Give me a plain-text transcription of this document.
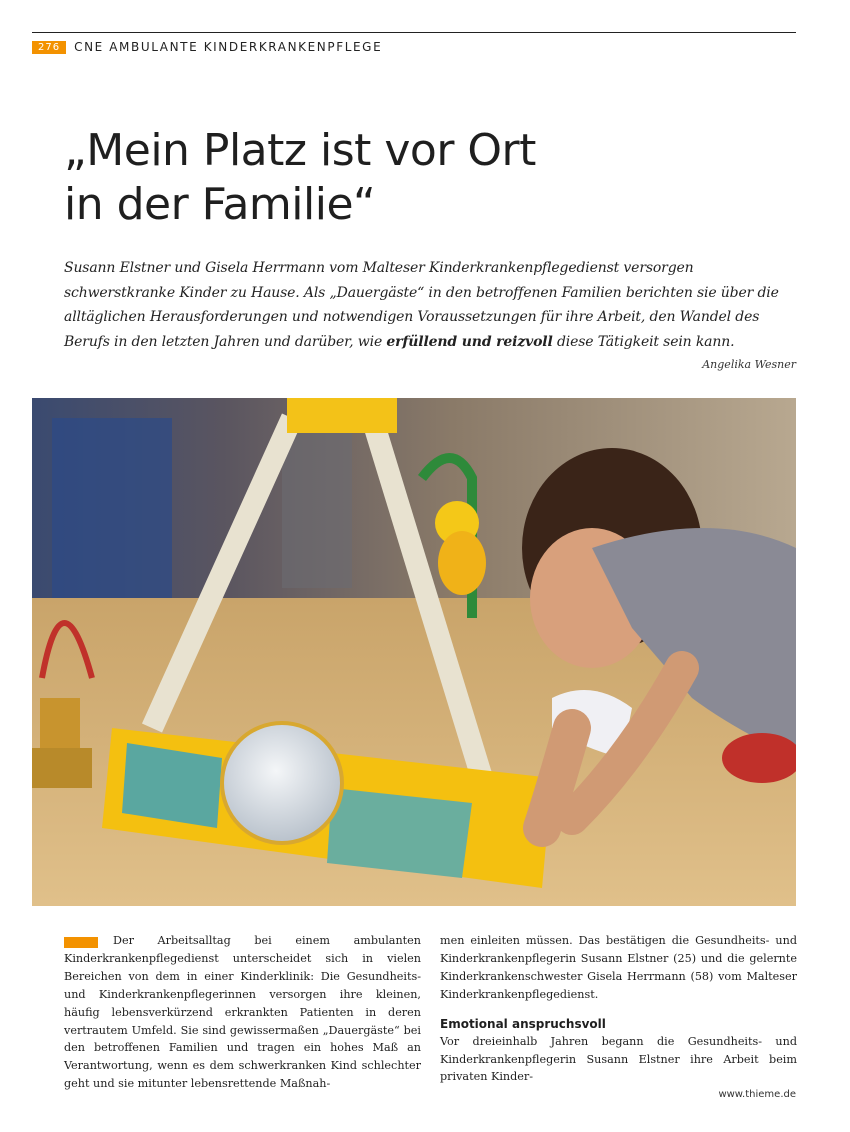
276	CNE AMBULANTE KINDERKRANKENPFLEGE
„Mein Platz ist vor Ort
in der Familie“

Susann Elstner und Gisela Herrmann vom Malteser Kinderkrankenpflegedienst versorgen schwerstkranke Kinder zu Hause. Als „Dauergäste“ in den betroffenen Familien berichten sie über die alltäglichen Herausforderungen und notwendigen Voraussetzungen für ihre Arbeit, den Wandel des Berufs in den letzten Jahren und darüber, wie erfüllend und reizvoll diese Tätigkeit sein kann.

Angelika Wesner

Der Arbeitsalltag bei einem ambulanten Kinderkrankenpflegedienst unterscheidet sich in vielen Bereichen von dem in einer Kinderklinik: Die Gesundheits- und Kinderkrankenpflegerinnen versorgen ihre kleinen, häufig lebensverkürzend erkrankten Patienten in deren vertrautem Umfeld. Sie sind gewissermaßen „Dauergäste“ bei den betroffenen Familien und tragen ein hohes Maß an Verantwortung, wenn es dem schwerkranken Kind schlechter geht und sie mitunter lebensrettende Maßnah-

men einleiten müssen. Das bestätigen die Gesundheits- und Kinderkrankenpflegerin Susann Elstner (25) und die gelernte Kinderkrankenschwester Gisela Herrmann (58) vom Malteser Kinderkrankenpflegedienst.

Emotional anspruchsvoll

Vor dreieinhalb Jahren begann die Gesundheits- und Kinderkrankenpflegerin Susann Elstner ihre Arbeit beim privaten Kinder-

www.thieme.de
